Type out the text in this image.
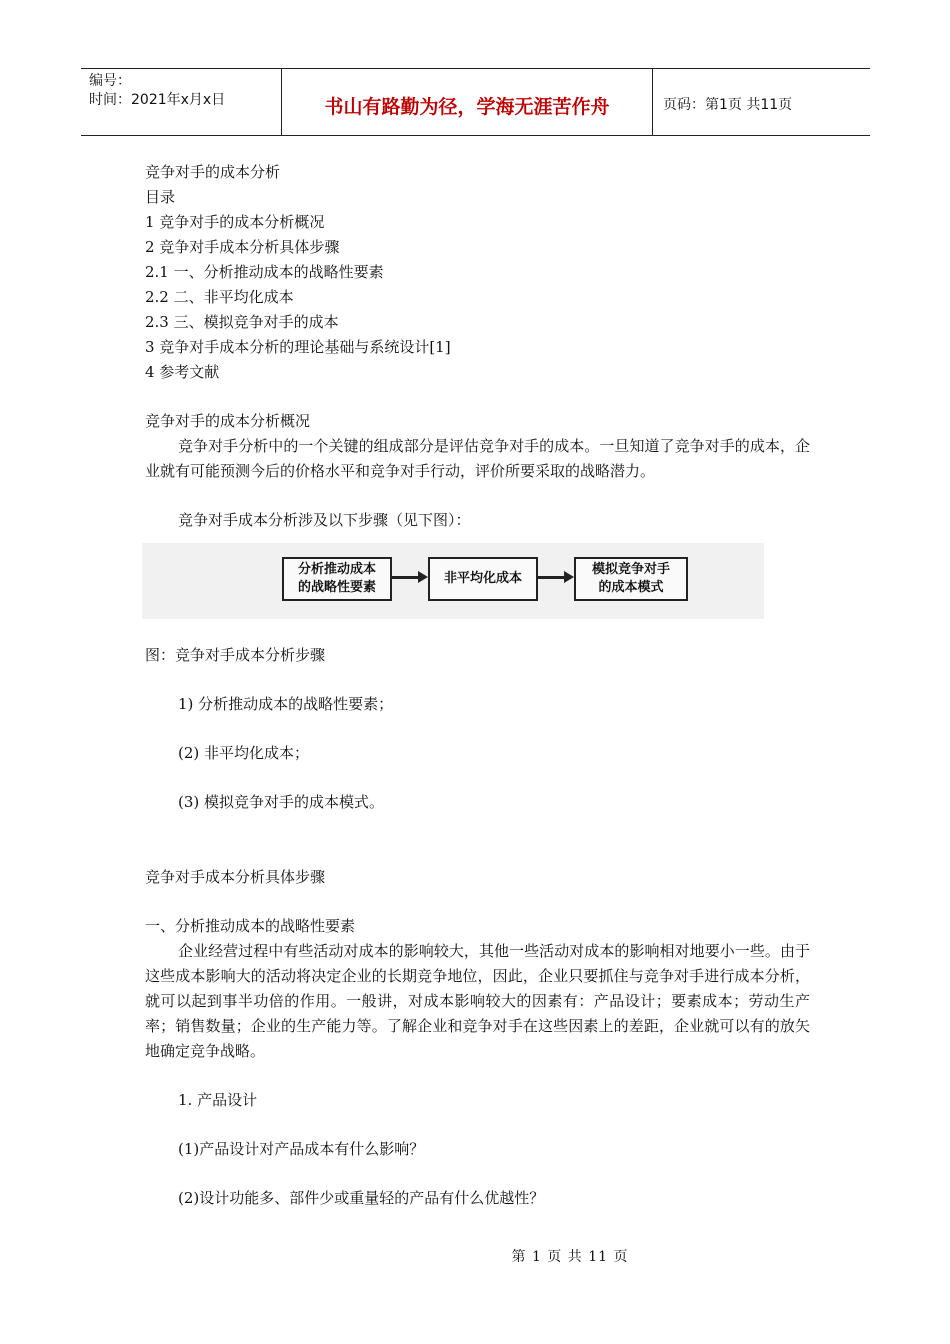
编号：
时间：2021年x月x日	书山有路勤为径，学海无涯苦作舟	页码：第1页 共11页
竞争对手的成本分析
目录
1 竞争对手的成本分析概况
2 竞争对手成本分析具体步骤
2.1 一、分析推动成本的战略性要素
2.2 二、非平均化成本
2.3 三、模拟竞争对手的成本
3 竞争对手成本分析的理论基础与系统设计[1]
4 参考文献
竞争对手的成本分析概况
竞争对手分析中的一个关键的组成部分是评估竞争对手的成本。一旦知道了竞争对手的成本，企业就有可能预测今后的价格水平和竞争对手行动，评价所要采取的战略潜力。
竞争对手成本分析涉及以下步骤（见下图）：
分析推动成本
的战略性要素
非平均化成本
模拟竞争对手
的成本模式
图：竞争对手成本分析步骤
1) 分析推动成本的战略性要素；
(2) 非平均化成本；
(3) 模拟竞争对手的成本模式。
竞争对手成本分析具体步骤
一、分析推动成本的战略性要素
企业经营过程中有些活动对成本的影响较大，其他一些活动对成本的影响相对地要小一些。由于这些成本影响大的活动将决定企业的长期竞争地位，因此，企业只要抓住与竞争对手进行成本分析，就可以起到事半功倍的作用。一般讲，对成本影响较大的因素有：产品设计；要素成本；劳动生产率；销售数量；企业的生产能力等。了解企业和竞争对手在这些因素上的差距，企业就可以有的放矢地确定竞争战略。
1. 产品设计
(1)产品设计对产品成本有什么影响？
(2)设计功能多、部件少或重量轻的产品有什么优越性？
第 1 页 共 11 页
